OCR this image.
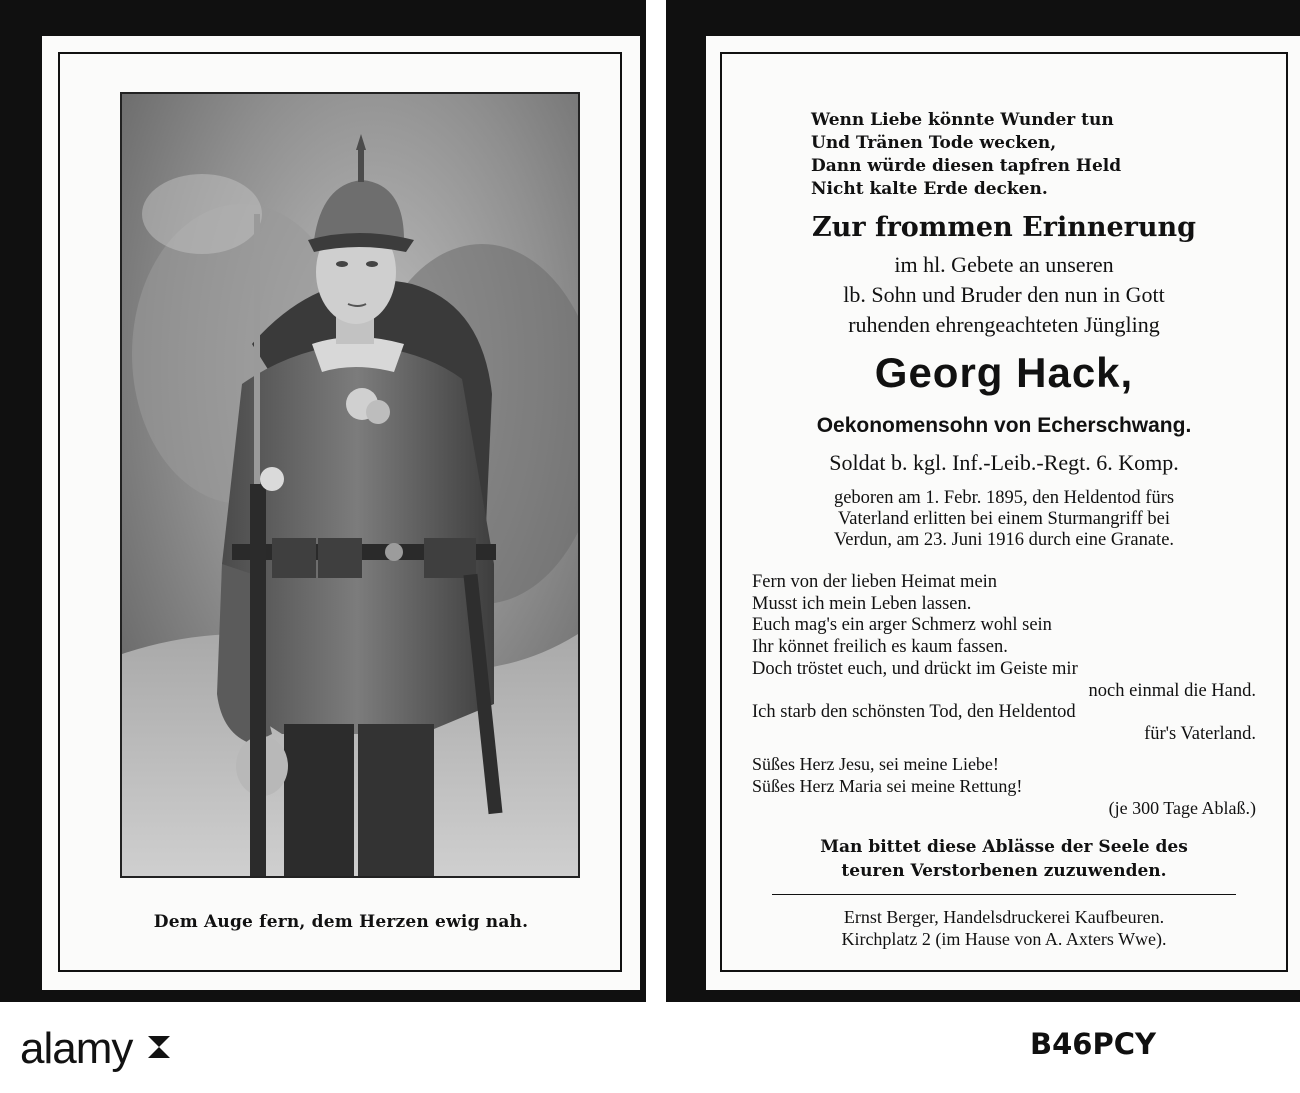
Dem Auge fern, dem Herzen ewig nah.
Wenn Liebe könnte Wunder tun
Und Tränen Tode wecken,
Dann würde diesen tapfren Held
Nicht kalte Erde decken.
Zur frommen Erinnerung
im hl. Gebete an unseren
lb. Sohn und Bruder den nun in Gott
ruhenden ehrengeachteten Jüngling
Georg Hack,
Oekonomensohn von Echerschwang.
Soldat b. kgl. Inf.-Leib.-Regt. 6. Komp.
geboren am 1. Febr. 1895, den Heldentod fürs
Vaterland erlitten bei einem Sturmangriff bei
Verdun, am 23. Juni 1916 durch eine Granate.
Fern von der lieben Heimat mein
Musst ich mein Leben lassen.
Euch mag's ein arger Schmerz wohl sein
Ihr könnet freilich es kaum fassen.
Doch tröstet euch, und drückt im Geiste mir
noch einmal die Hand.
Ich starb den schönsten Tod, den Heldentod
für's Vaterland.
Süßes Herz Jesu, sei meine Liebe!
Süßes Herz Maria sei meine Rettung!
(je 300 Tage Ablaß.)
Man bittet diese Ablässe der Seele des
teuren Verstorbenen zuzuwenden.
Ernst Berger, Handelsdruckerei Kaufbeuren.
Kirchplatz 2 (im Hause von A. Axters Wwe).
alamy	B46PCY
